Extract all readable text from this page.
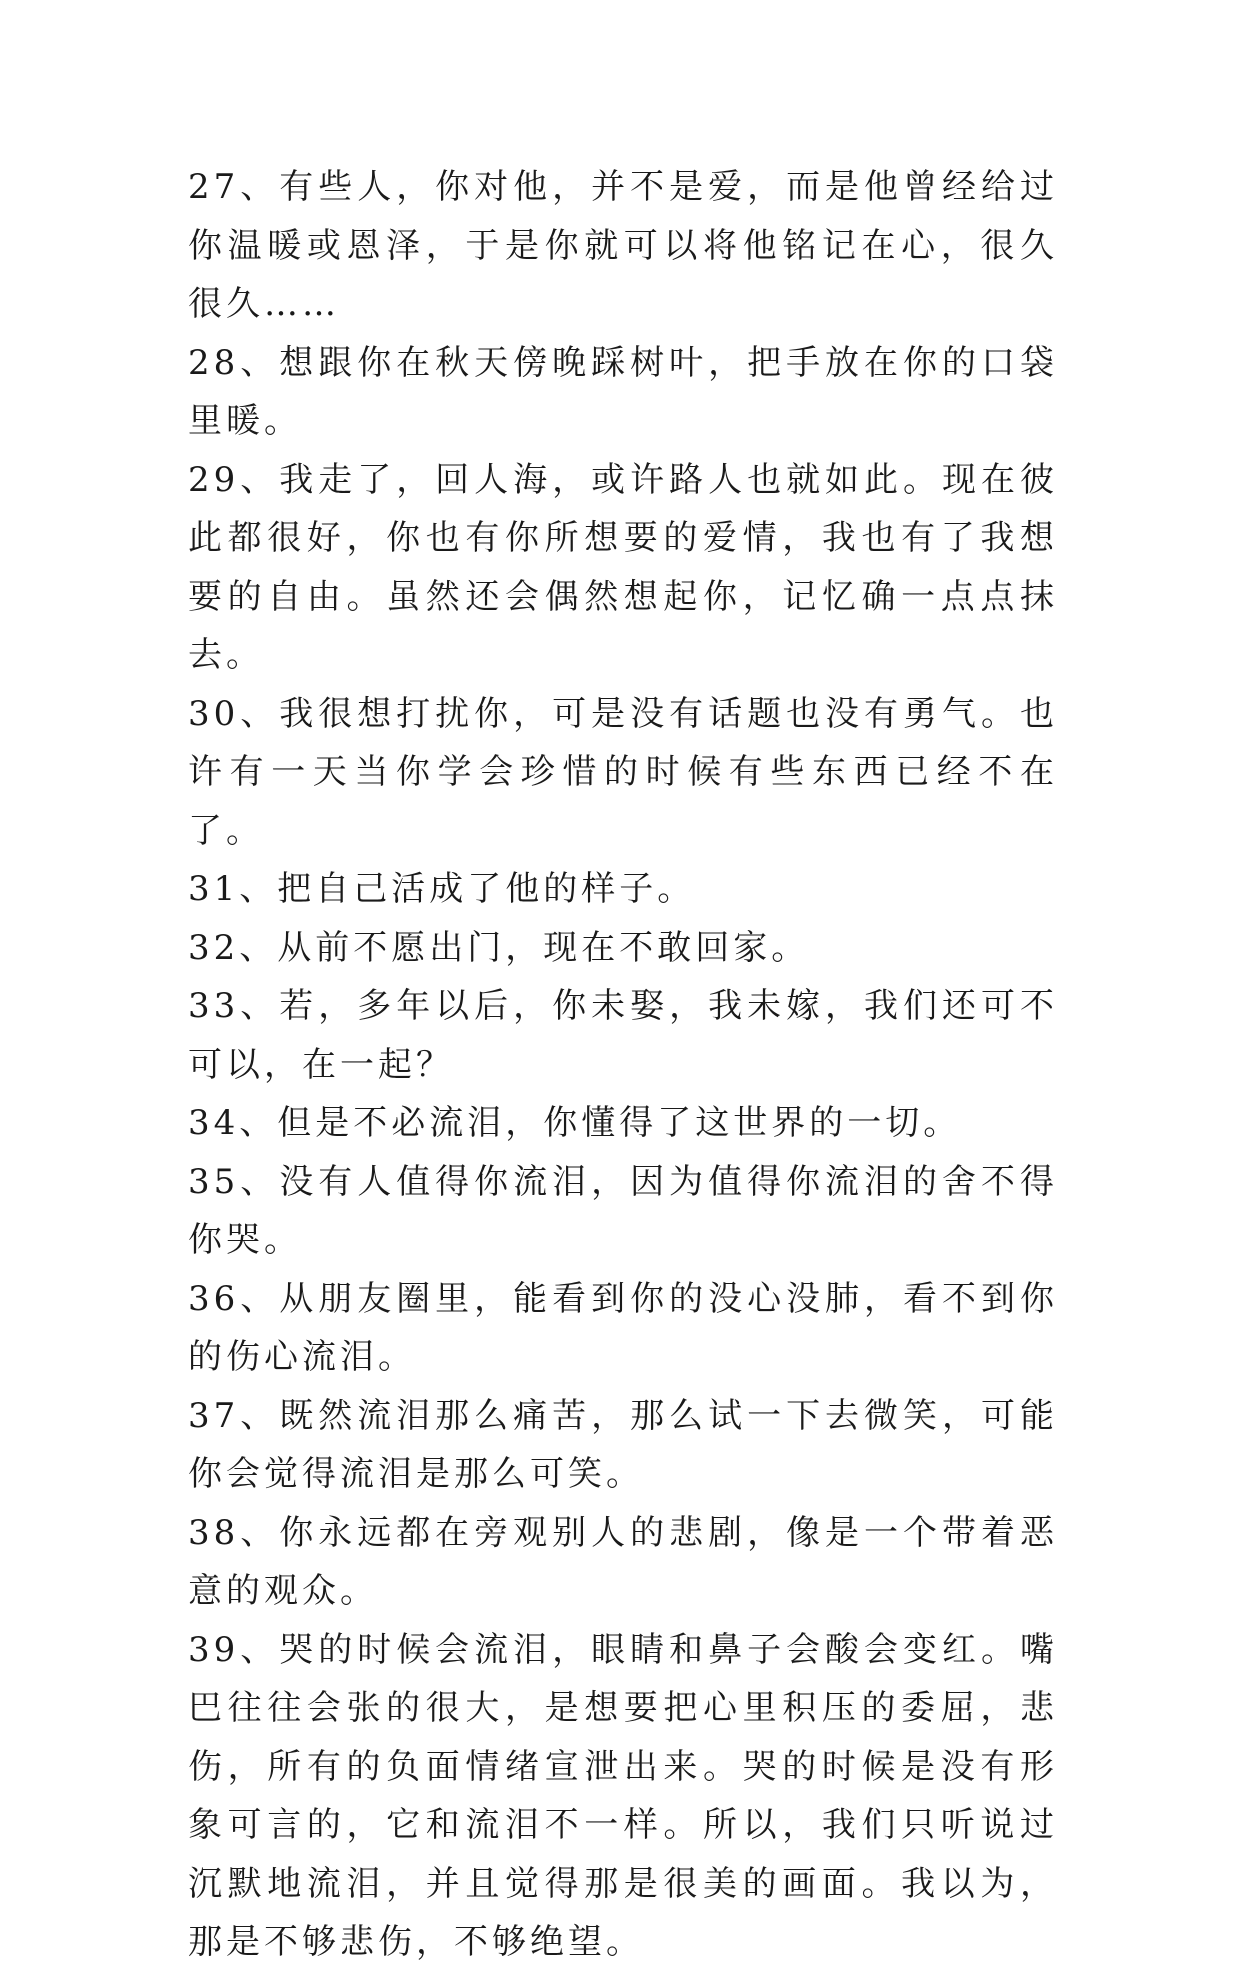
27、有些人，你对他，并不是爱，而是他曾经给过你温暖或恩泽，于是你就可以将他铭记在心，很久很久……

28、想跟你在秋天傍晚踩树叶，把手放在你的口袋里暖。

29、我走了，回人海，或许路人也就如此。现在彼此都很好，你也有你所想要的爱情，我也有了我想要的自由。虽然还会偶然想起你，记忆确一点点抹去。

30、我很想打扰你，可是没有话题也没有勇气。也许有一天当你学会珍惜的时候有些东西已经不在了。

31、把自己活成了他的样子。

32、从前不愿出门，现在不敢回家。

33、若，多年以后，你未娶，我未嫁，我们还可不可以，在一起？

34、但是不必流泪，你懂得了这世界的一切。

35、没有人值得你流泪，因为值得你流泪的舍不得你哭。

36、从朋友圈里，能看到你的没心没肺，看不到你的伤心流泪。

37、既然流泪那么痛苦，那么试一下去微笑，可能你会觉得流泪是那么可笑。

38、你永远都在旁观别人的悲剧，像是一个带着恶意的观众。

39、哭的时候会流泪，眼睛和鼻子会酸会变红。嘴巴往往会张的很大，是想要把心里积压的委屈，悲伤，所有的负面情绪宣泄出来。哭的时候是没有形象可言的，它和流泪不一样。所以，我们只听说过沉默地流泪，并且觉得那是很美的画面。我以为，那是不够悲伤，不够绝望。
